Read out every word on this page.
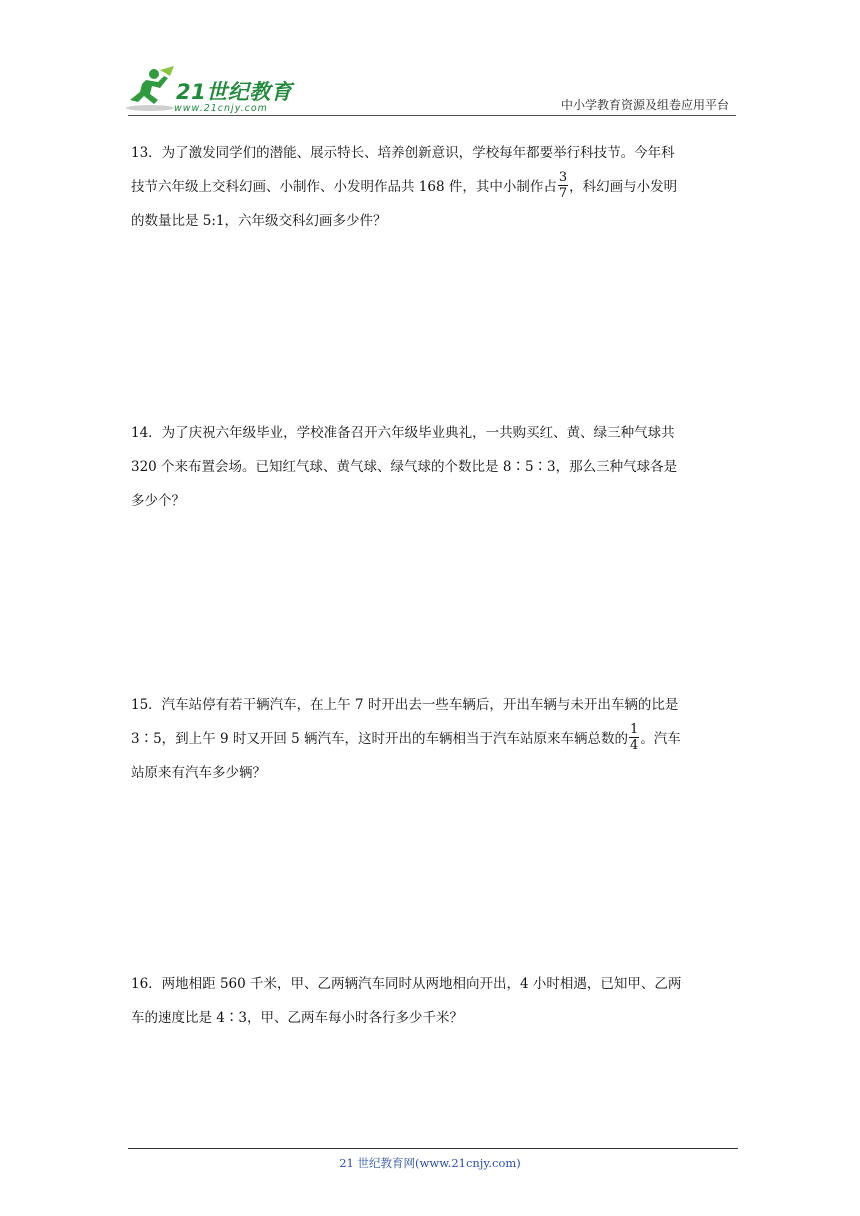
21世纪教育
www.21cnjy.com	中小学教育资源及组卷应用平台
13．为了激发同学们的潜能、展示特长、培养创新意识，学校每年都要举行科技节。今年科
技节六年级上交科幻画、小制作、小发明作品共 168 件，其中小制作占 $\frac{3}{7}$ ，科幻画与小发明
的数量比是 5:1，六年级交科幻画多少件？
14．为了庆祝六年级毕业，学校准备召开六年级毕业典礼，一共购买红、黄、绿三种气球共
320 个来布置会场。已知红气球、黄气球、绿气球的个数比是 8∶5∶3，那么三种气球各是
多少个？
15．汽车站停有若干辆汽车，在上午 7 时开出去一些车辆后，开出车辆与未开出车辆的比是
3∶5，到上午 9 时又开回 5 辆汽车，这时开出的车辆相当于汽车站原来车辆总数的 $\frac{1}{4}$ 。汽车
站原来有汽车多少辆？
16．两地相距 560 千米，甲、乙两辆汽车同时从两地相向开出，4 小时相遇，已知甲、乙两
车的速度比是 4∶3，甲、乙两车每小时各行多少千米？
21 世纪教育网(www.21cnjy.com)
